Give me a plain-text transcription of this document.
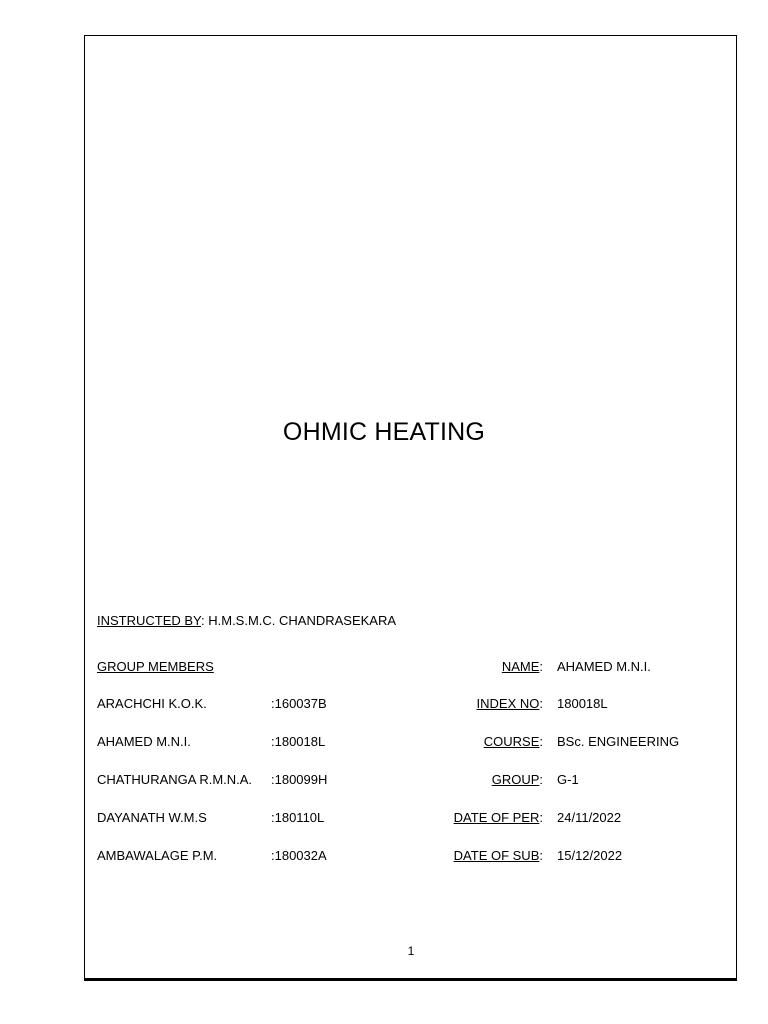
OHMIC HEATING
INSTRUCTED BY: H.M.S.M.C. CHANDRASEKARA
GROUP MEMBERS
ARACHCHI K.O.K.	:160037B
AHAMED M.N.I.	:180018L
CHATHURANGA R.M.N.A. :180099H
DAYANATH W.M.S	:180110L
AMBAWALAGE P.M.	:180032A
NAME: AHAMED M.N.I.
INDEX NO: 180018L
COURSE: BSc. ENGINEERING
GROUP: G-1
DATE OF PER: 24/11/2022
DATE OF SUB: 15/12/2022
1
